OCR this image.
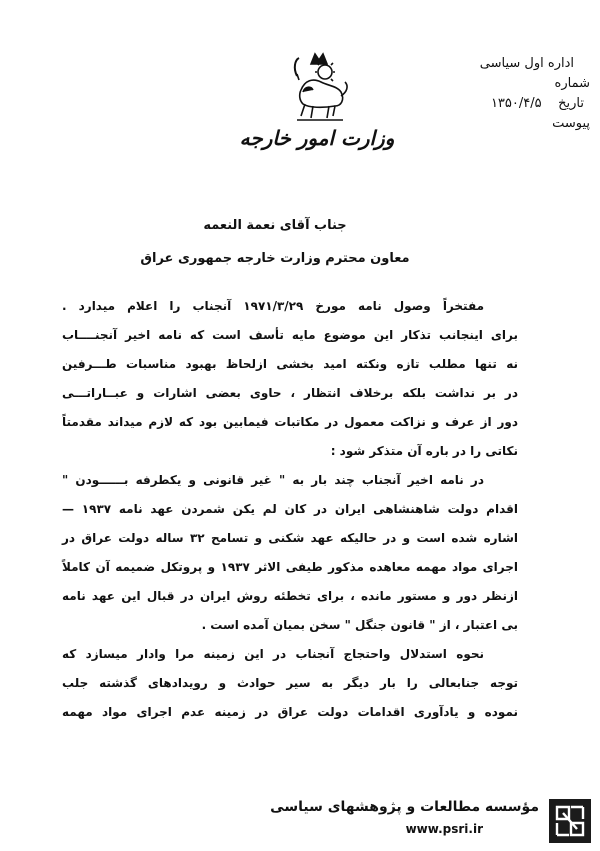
وزارت امور خارجه
اداره اول سیاسی
شماره
تاریخ    ۱۳۵۰/۴/۵
پیوست
جناب آقای نعمة النعمه
معاون محترم وزارت خارجه جمهوری عراق
مفتخراً وصول نامه مورخ ۱۹۷۱/۳/۲۹ آنجناب را اعلام میدارد .
برای اینجانب تذکار این موضوع مایه تأسف است که نامه اخیر آنجنــــاب
نه تنها مطلب تازه ونکته امید بخشی ازلحاظ بهبود مناسبات طـــرفین
در بر نداشت بلکه برخلاف انتظار ، حاوی بعضی اشارات و عبــاراتـــی
دور از عرف و نزاکت معمول در مکاتبات فیمابین بود که لازم میداند مقدمتاً
نکاتی را در باره آن متذکر شود :
در نامه اخیر آنجناب چند بار به " غیر قانونی و یکطرفه بــــــودن "
اقدام دولت شاهنشاهی ایران در کان لم یکن شمردن عهد نامه ۱۹۳۷ —
اشاره شده است و در حالیکه عهد شکنی و تسامح ۳۲ ساله دولت عراق در
اجرای مواد مهمه معاهده مذکور طیفی الاثر ۱۹۳۷ و پروتکل ضمیمه آن کاملاً
ازنظر دور و مستور مانده ، برای تخطئه روش ایران در قبال این عهد نامه
بی اعتبار ، از " قانون جنگل " سخن بمیان آمده است .
نحوه استدلال واحتجاج آنجناب در این زمینه مرا وادار میسازد که
توجه جنابعالی را بار دیگر به سیر حوادث و رویدادهای گذشته جلب
نموده و یادآوری اقدامات دولت عراق در زمینه عدم اجرای مواد مهمه
مؤسسه مطالعات و پژوهشهای سیاسی
www.psri.ir
